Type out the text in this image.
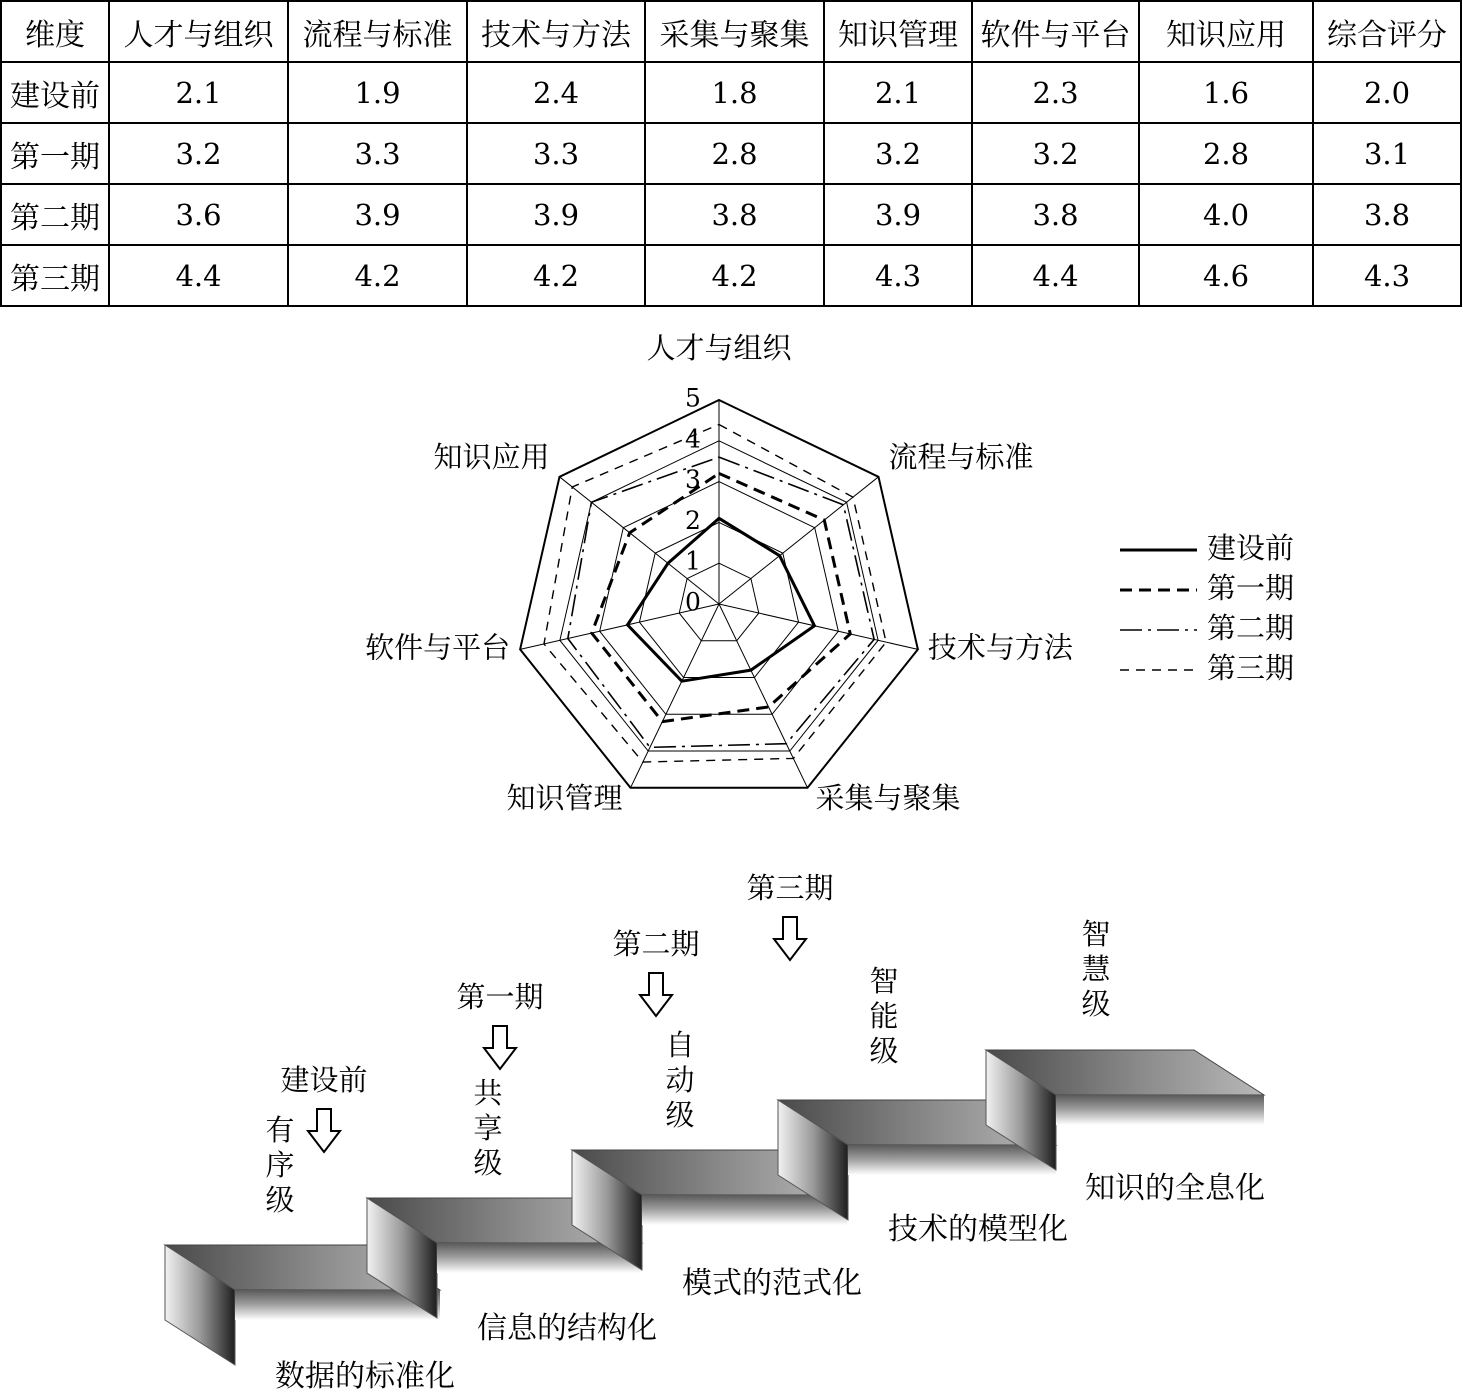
维度	人才与组织	流程与标准	技术与方法	采集与聚集	知识管理	软件与平台	知识应用	综合评分
建设前	2.1	1.9	2.4	1.8	2.1	2.3	1.6	2.0
第一期	3.2	3.3	3.3	2.8	3.2	3.2	2.8	3.1
第二期	3.6	3.9	3.9	3.8	3.9	3.8	4.0	3.8
第三期	4.4	4.2	4.2	4.2	4.3	4.4	4.6	4.3
0
1
2
3
4
5
人才与组织
流程与标准
技术与方法
采集与聚集
知识管理
软件与平台
知识应用
建设前
第一期
第二期
第三期
有
序
级
数据的标准化
建设前	共
享
级
信息的结构化
第一期
自
动
级
模式的范式化
第二期
智
能
级
技术的模型化
第三期
智
慧
级
知识的全息化
